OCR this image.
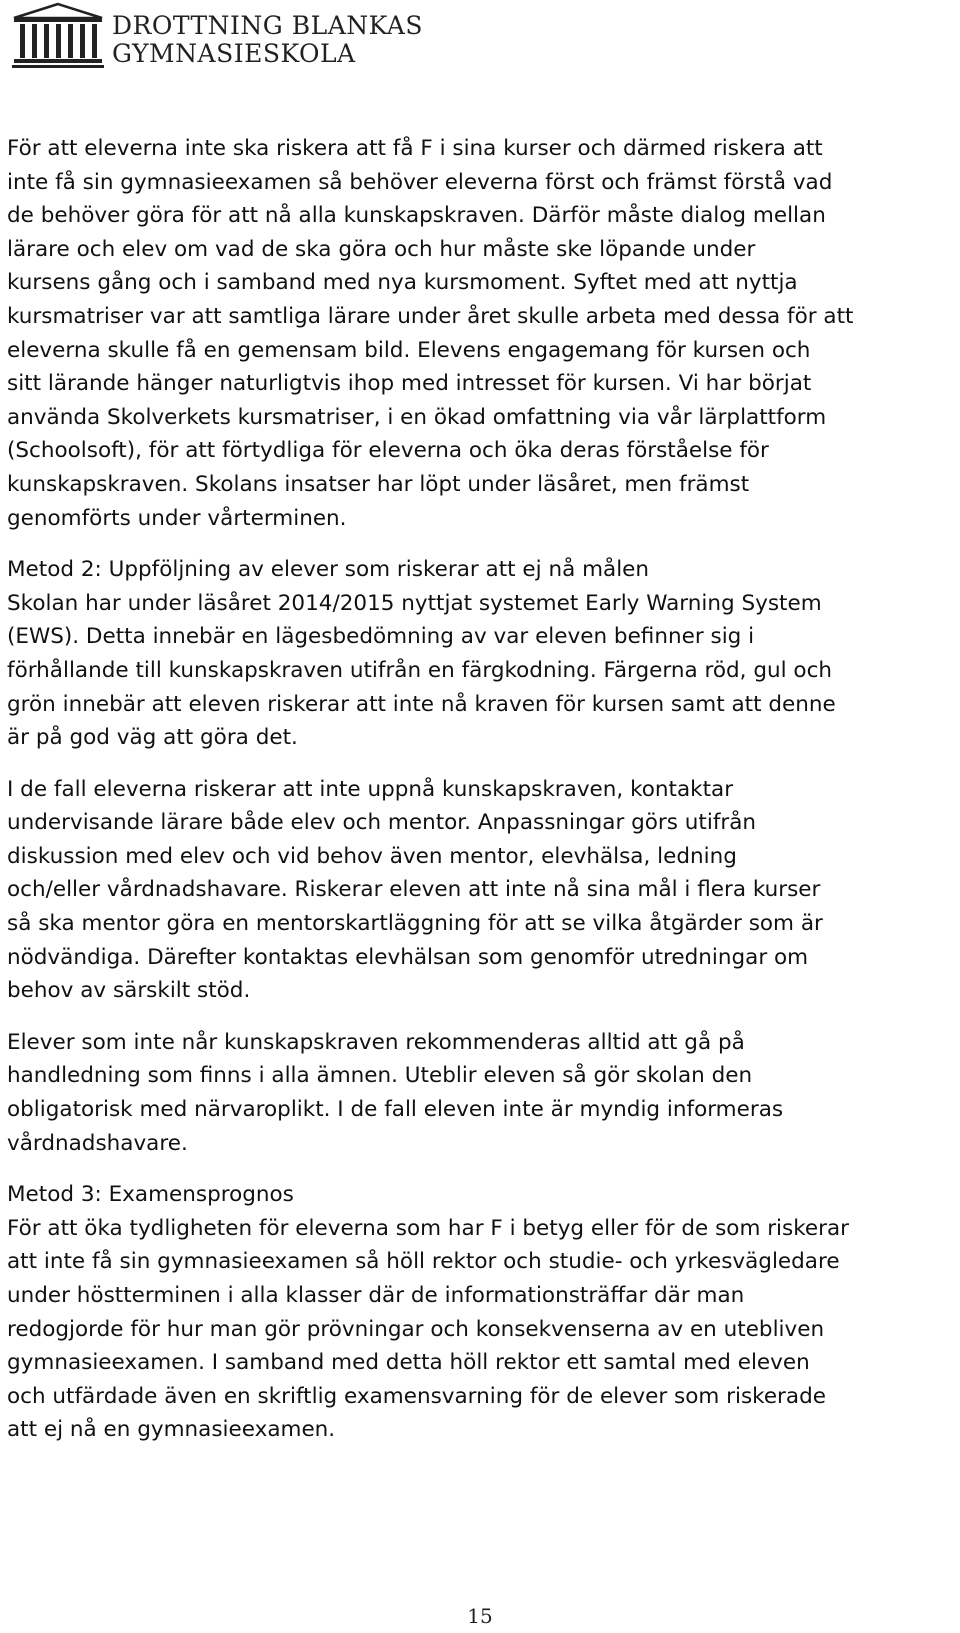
DROTTNING BLANKAS
GYMNASIESKOLA
För att eleverna inte ska riskera att få F i sina kurser och därmed riskera att
inte få sin gymnasieexamen så behöver eleverna först och främst förstå vad
de behöver göra för att nå alla kunskapskraven. Därför måste dialog mellan
lärare och elev om vad de ska göra och hur måste ske löpande under
kursens gång och i samband med nya kursmoment. Syftet med att nyttja
kursmatriser var att samtliga lärare under året skulle arbeta med dessa för att
eleverna skulle få en gemensam bild. Elevens engagemang för kursen och
sitt lärande hänger naturligtvis ihop med intresset för kursen. Vi har börjat
använda Skolverkets kursmatriser, i en ökad omfattning via vår lärplattform
(Schoolsoft), för att förtydliga för eleverna och öka deras förståelse för
kunskapskraven. Skolans insatser har löpt under läsåret, men främst
genomförts under vårterminen.
Metod 2: Uppföljning av elever som riskerar att ej nå målen
Skolan har under läsåret 2014/2015 nyttjat systemet Early Warning System
(EWS). Detta innebär en lägesbedömning av var eleven befinner sig i
förhållande till kunskapskraven utifrån en färgkodning. Färgerna röd, gul och
grön innebär att eleven riskerar att inte nå kraven för kursen samt att denne
är på god väg att göra det.
I de fall eleverna riskerar att inte uppnå kunskapskraven, kontaktar
undervisande lärare både elev och mentor. Anpassningar görs utifrån
diskussion med elev och vid behov även mentor, elevhälsa, ledning
och/eller vårdnadshavare. Riskerar eleven att inte nå sina mål i flera kurser
så ska mentor göra en mentorskartläggning för att se vilka åtgärder som är
nödvändiga. Därefter kontaktas elevhälsan som genomför utredningar om
behov av särskilt stöd.
Elever som inte når kunskapskraven rekommenderas alltid att gå på
handledning som finns i alla ämnen. Uteblir eleven så gör skolan den
obligatorisk med närvaroplikt. I de fall eleven inte är myndig informeras
vårdnadshavare.
Metod 3: Examensprognos
För att öka tydligheten för eleverna som har F i betyg eller för de som riskerar
att inte få sin gymnasieexamen så höll rektor och studie- och yrkesvägledare
under höstterminen i alla klasser där de informationsträffar där man
redogjorde för hur man gör prövningar och konsekvenserna av en utebliven
gymnasieexamen. I samband med detta höll rektor ett samtal med eleven
och utfärdade även en skriftlig examensvarning för de elever som riskerade
att ej nå en gymnasieexamen.
15
